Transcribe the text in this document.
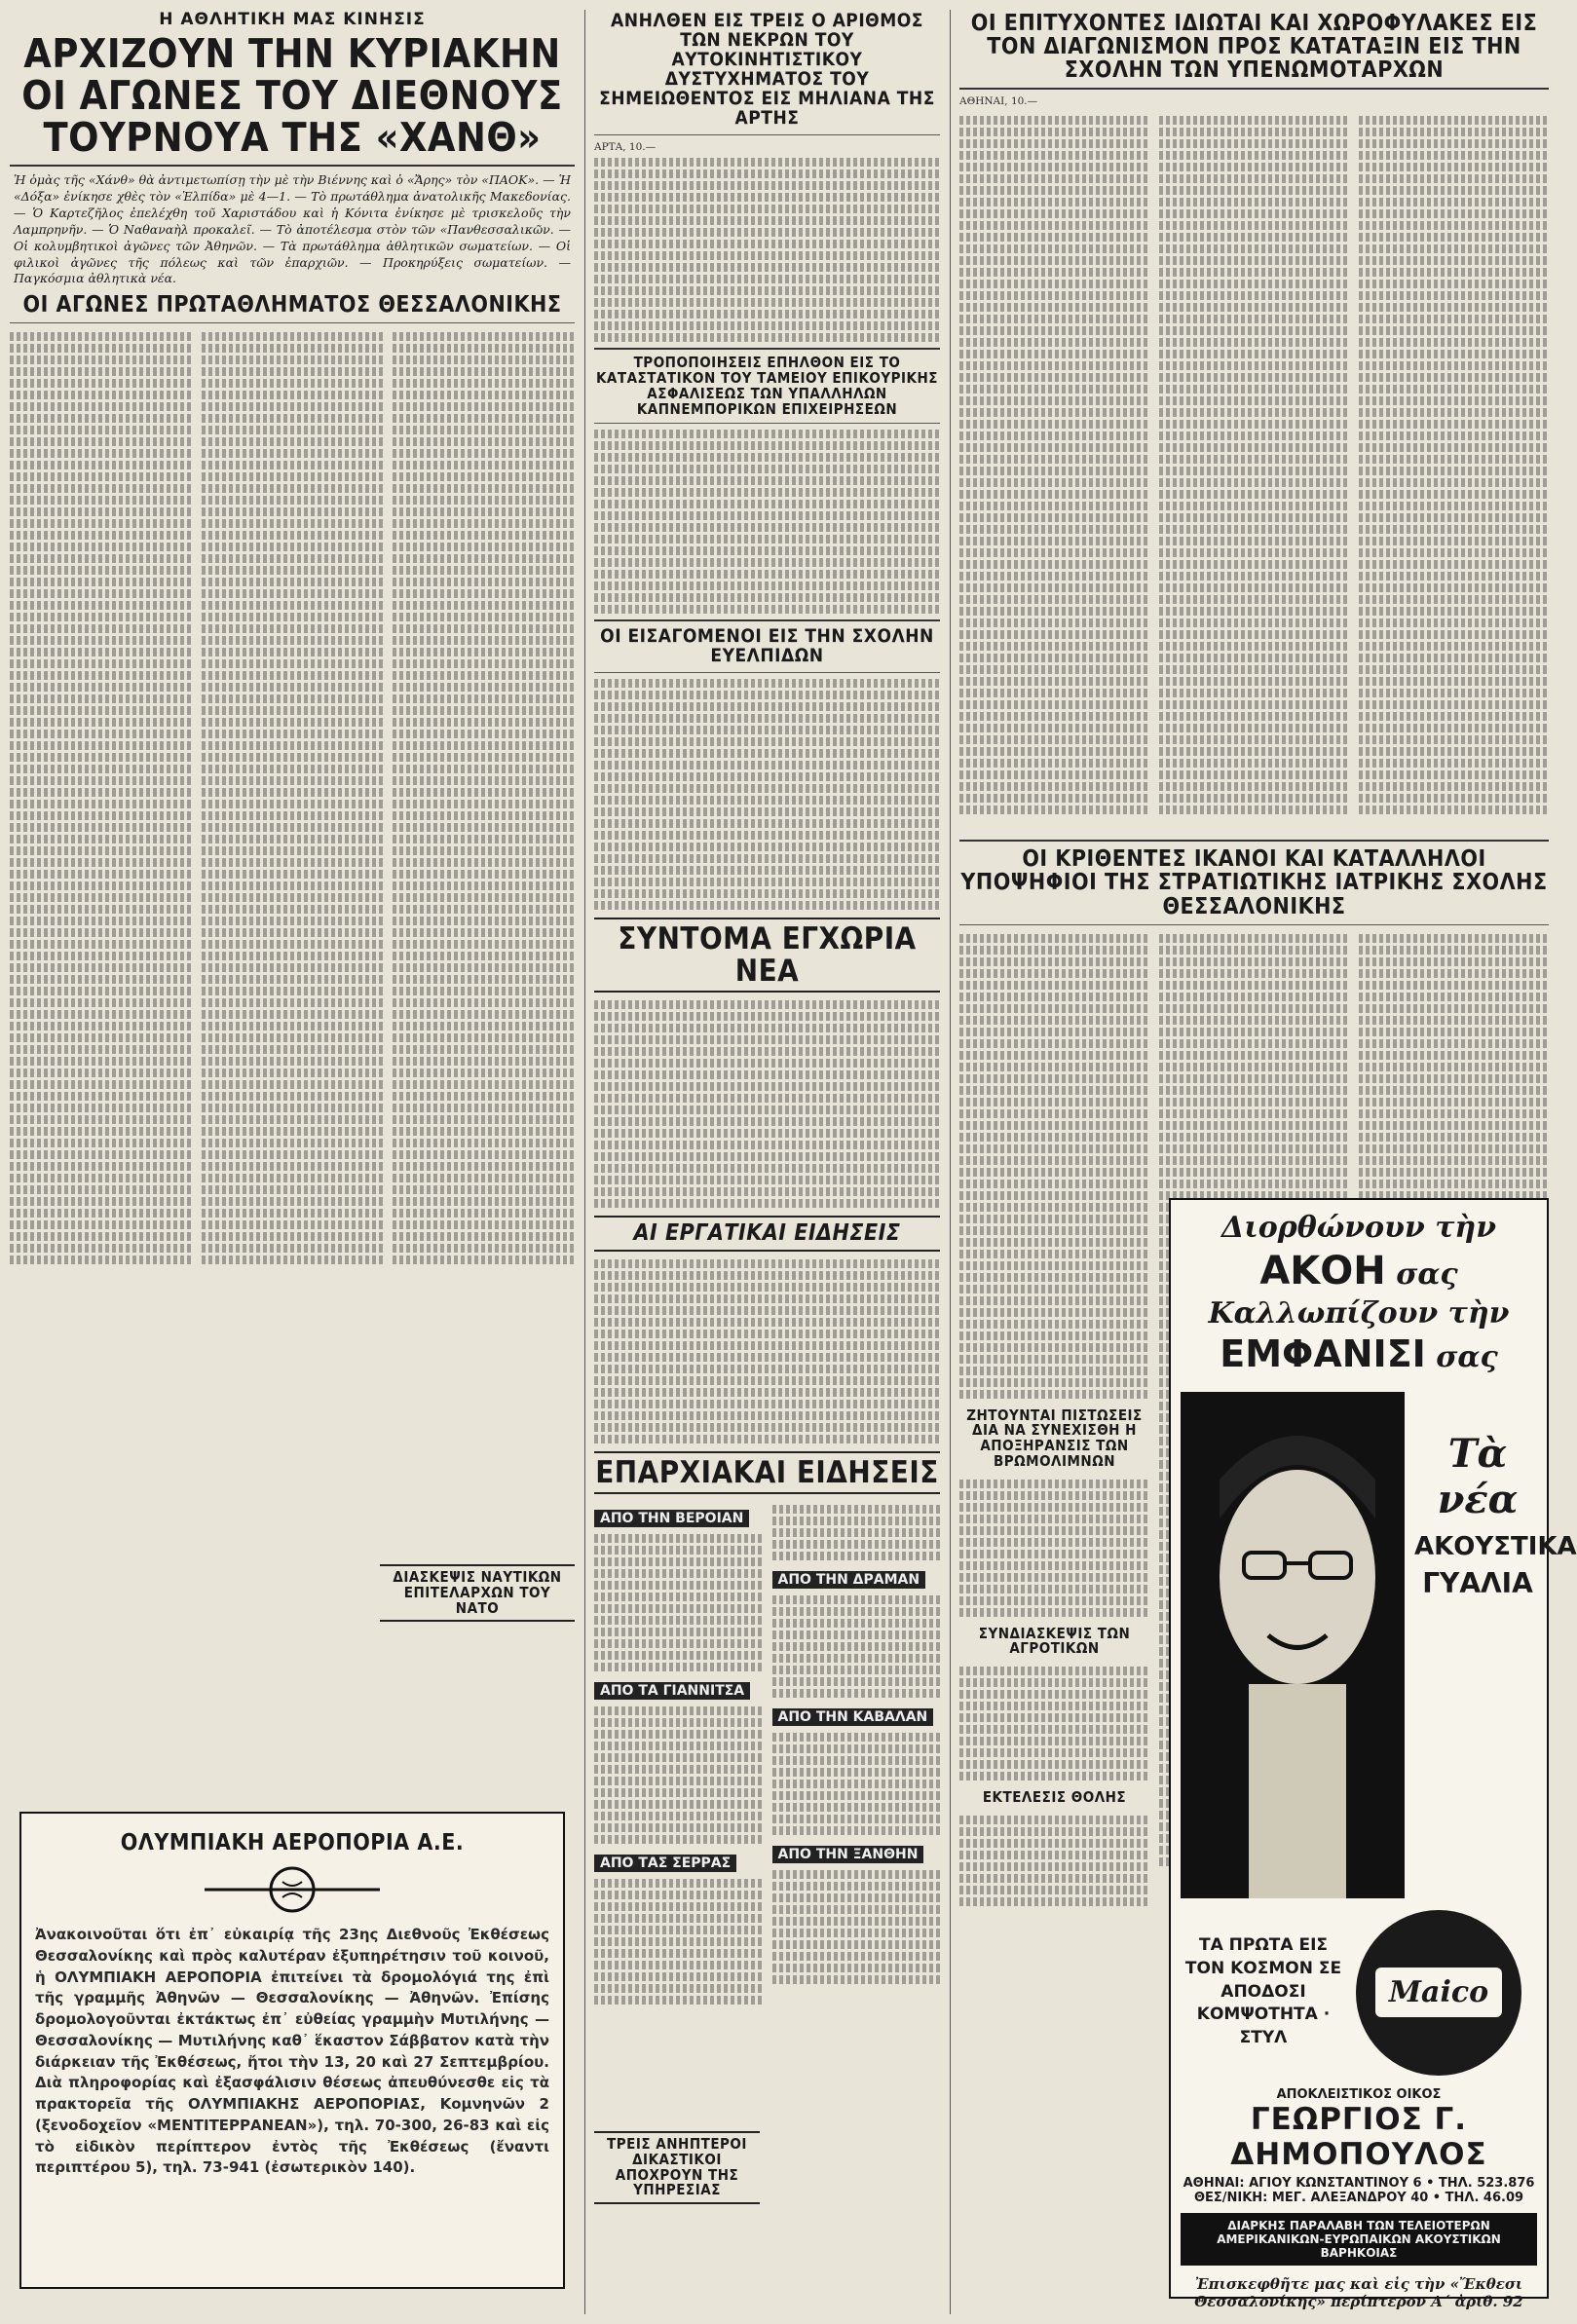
Η ΑΘΛΗΤΙΚΗ ΜΑΣ ΚΙΝΗΣΙΣ
ΑΡΧΙΖΟΥΝ ΤΗΝ ΚΥΡΙΑΚΗΝ ΟΙ ΑΓΩΝΕΣ ΤΟΥ ΔΙΕΘΝΟΥΣ ΤΟΥΡΝΟΥΑ ΤΗΣ «ΧΑΝΘ»
Ἡ ὁμὰς τῆς «Χάνθ» θὰ ἀντιμετωπίσῃ τὴν μὲ τὴν Βιέννης καὶ ὁ «Ἄρης» τὸν «ΠΑΟΚ». — Ἡ «Δόξα» ἐνίκησε χθὲς τὸν «Ἐλπίδα» μὲ 4—1. — Τὸ πρωτάθλημα ἀνατολικῆς Μακεδονίας. — Ὁ Καρτεζῆλος ἐπελέχθη τοῦ Χαριστάδου καὶ ἡ Κόνιτα ἐνίκησε μὲ τρισκελοῦς τὴν Λαμπρηνῆν. — Ὁ Ναθαναὴλ προκαλεῖ. — Τὸ ἀποτέλεσμα στὸν τῶν «Πανθεσσαλικῶν. — Οἱ κολυμβητικοὶ ἀγῶνες τῶν Ἀθηνῶν. — Τὰ πρωτάθλημα ἀθλητικῶν σωματείων. — Οἱ φιλικοὶ ἀγῶνες τῆς πόλεως καὶ τῶν ἐπαρχιῶν. — Προκηρύξεις σωματείων. — Παγκόσμια ἀθλητικὰ νέα.
ΟΙ ΑΓΩΝΕΣ ΠΡΩΤΑΘΛΗΜΑΤΟΣ ΘΕΣΣΑΛΟΝΙΚΗΣ
ΔΙΑΣΚΕΨΙΣ ΝΑΥΤΙΚΩΝ ΕΠΙΤΕΛΑΡΧΩΝ ΤΟΥ ΝΑΤΟ
ΟΛΥΜΠΙΑΚΗ ΑΕΡΟΠΟΡΙΑ Α.Ε.
Ἀνακοινοῦται ὅτι ἐπ᾽ εὐκαιρίᾳ τῆς 23ης Διεθνοῦς Ἐκθέσεως Θεσσαλονίκης καὶ πρὸς καλυτέραν ἐξυπηρέτησιν τοῦ κοινοῦ, ἡ ΟΛΥΜΠΙΑΚΗ ΑΕΡΟΠΟΡΙΑ ἐπιτείνει τὰ δρομολόγιά της ἐπὶ τῆς γραμμῆς Ἀθηνῶν — Θεσσαλονίκης — Ἀθηνῶν. Ἐπίσης δρομολογοῦνται ἐκτάκτως ἐπ᾽ εὐθείας γραμμὴν Μυτιλήνης — Θεσσαλονίκης — Μυτιλήνης καθ᾽ ἕκαστον Σάββατον κατὰ τὴν διάρκειαν τῆς Ἐκθέσεως, ἤτοι τὴν 13, 20 καὶ 27 Σεπτεμβρίου. Διὰ πληροφορίας καὶ ἐξασφάλισιν θέσεως ἀπευθύνεσθε εἰς τὰ πρακτορεῖα τῆς ΟΛΥΜΠΙΑΚΗΣ ΑΕΡΟΠΟΡΙΑΣ, Κομνηνῶν 2 (ξενοδοχεῖον «ΜΕΝΤΙΤΕΡΡΑΝΕΑΝ»), τηλ. 70-300, 26-83 καὶ εἰς τὸ εἰδικὸν περίπτερον ἐντὸς τῆς Ἐκθέσεως (ἔναντι περιπτέρου 5), τηλ. 73-941 (ἐσωτερικὸν 140).
ΑΝΗΛΘΕΝ ΕΙΣ ΤΡΕΙΣ Ο ΑΡΙΘΜΟΣ ΤΩΝ ΝΕΚΡΩΝ ΤΟΥ ΑΥΤΟΚΙΝΗΤΙΣΤΙΚΟΥ ΔΥΣΤΥΧΗΜΑΤΟΣ ΤΟΥ ΣΗΜΕΙΩΘΕΝΤΟΣ ΕΙΣ ΜΗΛΙΑΝΑ ΤΗΣ ΑΡΤΗΣ
ΑΡΤΑ, 10.—
ΤΡΟΠΟΠΟΙΗΣΕΙΣ ΕΠΗΛΘΟΝ ΕΙΣ ΤΟ ΚΑΤΑΣΤΑΤΙΚΟΝ ΤΟΥ ΤΑΜΕΙΟΥ ΕΠΙΚΟΥΡΙΚΗΣ ΑΣΦΑΛΙΣΕΩΣ ΤΩΝ ΥΠΑΛΛΗΛΩΝ ΚΑΠΝΕΜΠΟΡΙΚΩΝ ΕΠΙΧΕΙΡΗΣΕΩΝ
ΟΙ ΕΙΣΑΓΟΜΕΝΟΙ ΕΙΣ ΤΗΝ ΣΧΟΛΗΝ ΕΥΕΛΠΙΔΩΝ
ΣΥΝΤΟΜΑ ΕΓΧΩΡΙΑ ΝΕΑ
ΑΙ ΕΡΓΑΤΙΚΑΙ ΕΙΔΗΣΕΙΣ
ΕΠΑΡΧΙΑΚΑΙ ΕΙΔΗΣΕΙΣ
ΑΠΟ ΤΗΝ ΒΕΡΟΙΑΝ
ΑΠΟ ΤΑ ΓΙΑΝΝΙΤΣΑ
ΑΠΟ ΤΑΣ ΣΕΡΡΑΣ
ΑΠΟ ΤΗΝ ΔΡΑΜΑΝ
ΑΠΟ ΤΗΝ ΚΑΒΑΛΑΝ
ΑΠΟ ΤΗΝ ΞΑΝΘΗΝ
ΤΡΕΙΣ ΑΝΗΠΤΕΡΟΙ ΔΙΚΑΣΤΙΚΟΙ ΑΠΟΧΡΟΥΝ ΤΗΣ ΥΠΗΡΕΣΙΑΣ
ΟΙ ΕΠΙΤΥΧΟΝΤΕΣ ΙΔΙΩΤΑΙ ΚΑΙ ΧΩΡΟΦΥΛΑΚΕΣ ΕΙΣ ΤΟΝ ΔΙΑΓΩΝΙΣΜΟΝ ΠΡΟΣ ΚΑΤΑΤΑΞΙΝ ΕΙΣ ΤΗΝ ΣΧΟΛΗΝ ΤΩΝ ΥΠΕΝΩΜΟΤΑΡΧΩΝ
ΑΘΗΝΑΙ, 10.—
ΟΙ ΚΡΙΘΕΝΤΕΣ ΙΚΑΝΟΙ ΚΑΙ ΚΑΤΑΛΛΗΛΟΙ ΥΠΟΨΗΦΙΟΙ ΤΗΣ ΣΤΡΑΤΙΩΤΙΚΗΣ ΙΑΤΡΙΚΗΣ ΣΧΟΛΗΣ ΘΕΣΣΑΛΟΝΙΚΗΣ
ΖΗΤΟΥΝΤΑΙ ΠΙΣΤΩΣΕΙΣ ΔΙΑ ΝΑ ΣΥΝΕΧΙΣΘΗ Η ΑΠΟΞΗΡΑΝΣΙΣ ΤΩΝ ΒΡΩΜΟΛΙΜΝΩΝ
ΣΥΝΔΙΑΣΚΕΨΙΣ ΤΩΝ ΑΓΡΟΤΙΚΩΝ
ΕΚΤΕΛΕΣΙΣ ΘΟΛΗΣ
Διορθώνουν τὴν ΑΚΟΗ σας
Καλλωπίζουν τὴν ΕΜΦΑΝΙΣΙ σας
Τὰ νέα
ΑΚΟΥΣΤΙΚΑ
ΓΥΑΛΙΑ
ΤΑ ΠΡΩΤΑ ΕΙΣ ΤΟΝ ΚΟΣΜΟΝ ΣΕ ΑΠΟΔΟΣΙ ΚΟΜΨΟΤΗΤΑ · ΣΤΥΛ
Maico
ΑΠΟΚΛΕΙΣΤΙΚΟΣ ΟΙΚΟΣ
ΓΕΩΡΓΙΟΣ Γ. ΔΗΜΟΠΟΥΛΟΣ
ΑΘΗΝΑΙ: ΑΓΙΟΥ ΚΩΝΣΤΑΝΤΙΝΟΥ 6 • ΤΗΛ. 523.876
ΘΕΣ/ΝΙΚΗ: ΜΕΓ. ΑΛΕΞΑΝΔΡΟΥ 40 • ΤΗΛ. 46.09
ΔΙΑΡΚΗΣ ΠΑΡΑΛΑΒΗ ΤΩΝ ΤΕΛΕΙΟΤΕΡΩΝ ΑΜΕΡΙΚΑΝΙΚΩΝ-ΕΥΡΩΠΑΙΚΩΝ ΑΚΟΥΣΤΙΚΩΝ ΒΑΡΗΚΟΙΑΣ
Ἐπισκεφθῆτε μας καὶ εἰς τὴν «Ἔκθεσι Θεσσαλονίκης» περίπτερον Α΄ ἀριθ. 92
